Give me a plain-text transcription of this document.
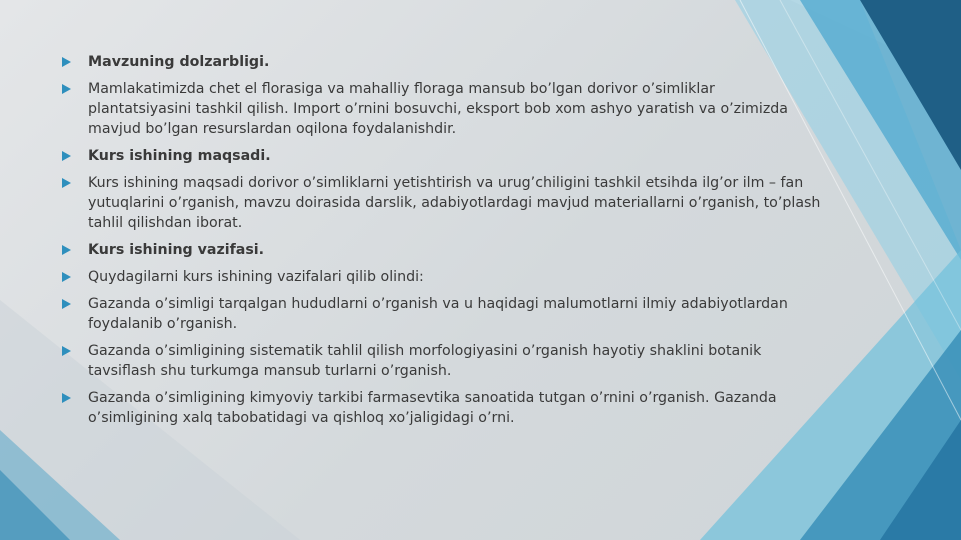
Mavzuning dolzarbligi.
Mamlakatimizda chet el florasiga va mahalliy floraga mansub bo’lgan dorivor o’simliklar plantatsiyasini tashkil qilish. Import o’rnini bosuvchi, eksport bob xom ashyo yaratish va o’zimizda mavjud bo’lgan resurslardan oqilona foydalanishdir.
Kurs ishining maqsadi.
Kurs ishining maqsadi dorivor o’simliklarni yetishtirish va urug’chiligini tashkil etsihda ilg’or ilm – fan yutuqlarini o’rganish, mavzu doirasida darslik, adabiyotlardagi mavjud materiallarni o’rganish, to’plash tahlil qilishdan iborat.
Kurs ishining vazifasi.
Quydagilarni kurs ishining vazifalari qilib olindi:
Gazanda o’simligi tarqalgan hududlarni o’rganish va u haqidagi malumotlarni ilmiy adabiyotlardan foydalanib o’rganish.
Gazanda o’simligining sistematik tahlil qilish morfologiyasini o’rganish hayotiy shaklini botanik tavsiflash shu turkumga mansub turlarni o’rganish.
Gazanda o’simligining kimyoviy tarkibi farmasevtika sanoatida tutgan o’rnini o’rganish. Gazanda o’simligining xalq tabobatidagi va qishloq xo’jaligidagi o’rni.
